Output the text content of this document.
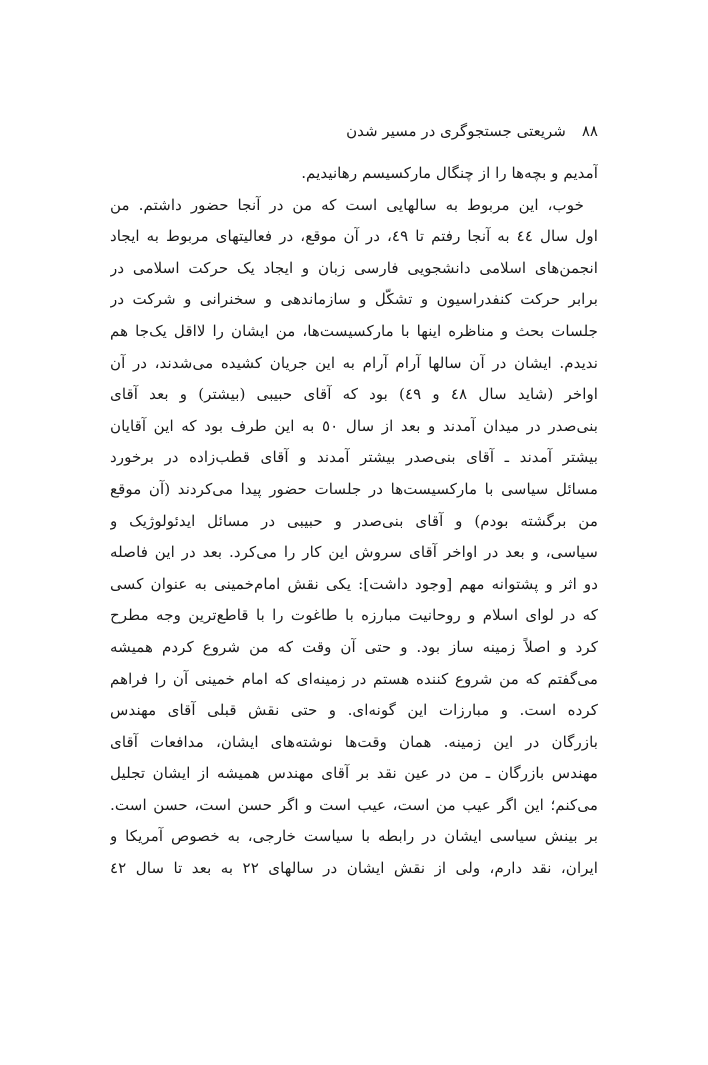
۸۸
شریعتی جستجوگری در مسیر شدن
آمدیم و بچه‌ها را از چنگال مارکسیسم رهانیدیم.
خوب، این مربوط به سالهایی است که من در آنجا حضور داشتم. من
اول سال ٤٤ به آنجا رفتم تا ٤٩، در آن موقع، در فعالیتهای مربوط به ایجاد
انجمن‌های اسلامی دانشجویی فارسی زبان و ایجاد یک حرکت اسلامی در
برابر حرکت کنفدراسیون و تشکّل و سازماندهی و سخنرانی و شرکت در
جلسات بحث و مناظره اینها با مارکسیست‌ها، من ایشان را لااقل یک‌جا هم
ندیدم. ایشان در آن سالها آرام آرام به این جریان کشیده می‌شدند، در آن
اواخر (شاید سال ٤٨ و ٤٩) بود که آقای حبیبی (بیشتر) و بعد آقای
بنی‌صدر در میدان آمدند و بعد از سال ٥٠ به این طرف بود که این آقایان
بیشتر آمدند ـ آقای بنی‌صدر بیشتر آمدند و آقای قطب‌زاده در برخورد
مسائل سیاسی با مارکسیست‌ها در جلسات حضور پیدا می‌کردند (آن موقع
من برگشته بودم) و آقای بنی‌صدر و حبیبی در مسائل ایدئولوژیک و
سیاسی، و بعد در اواخر آقای سروش این کار را می‌کرد. بعد در این فاصله
دو اثر و پشتوانه مهم [وجود داشت]: یکی نقش امام‌خمینی به عنوان کسی
که در لوای اسلام و روحانیت مبارزه با طاغوت را با قاطع‌ترین وجه مطرح
کرد و اصلاً زمینه ساز بود. و حتی آن وقت که من شروع کردم همیشه
می‌گفتم که من شروع کننده هستم در زمینه‌ای که امام خمینی آن را فراهم
کرده است. و مبارزات این گونه‌ای. و حتی نقش قبلی آقای مهندس
بازرگان در این زمینه. همان وقت‌ها نوشته‌های ایشان، مدافعات آقای
مهندس بازرگان ـ من در عین نقد بر آقای مهندس همیشه از ایشان تجلیل
می‌کنم؛ این اگر عیب من است، عیب است و اگر حسن است، حسن است.
بر بینش سیاسی ایشان در رابطه با سیاست خارجی، به خصوص آمریکا و
ایران، نقد دارم، ولی از نقش ایشان در سالهای ٢٢ به بعد تا سال ٤٢
